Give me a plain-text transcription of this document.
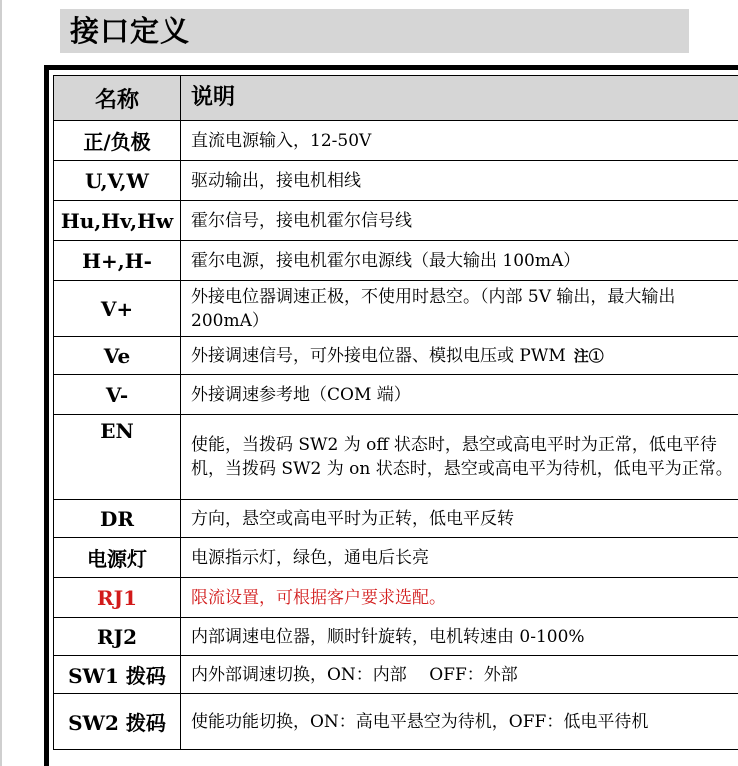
接口定义
名称	说明
正/负极	直流电源输入，12-50V
U,V,W	驱动输出，接电机相线
Hu,Hv,Hw	霍尔信号，接电机霍尔信号线
H+,H-	霍尔电源，接电机霍尔电源线（最大输出 100mA）
V+	外接电位器调速正极，不使用时悬空。（内部 5V 输出，最大输出 200mA）
Ve	外接调速信号，可外接电位器、模拟电压或 PWM 注①
V-	外接调速参考地（COM 端）
EN	使能，当拨码 SW2 为 off 状态时，悬空或高电平时为正常，低电平待机，当拨码 SW2 为 on 状态时，悬空或高电平为待机，低电平为正常。
DR	方向，悬空或高电平时为正转，低电平反转
电源灯	电源指示灯，绿色，通电后长亮
RJ1	限流设置，可根据客户要求选配。
RJ2	内部调速电位器，顺时针旋转，电机转速由 0-100%
SW1 拨码	内外部调速切换，ON：内部　 OFF：外部
SW2 拨码	使能功能切换，ON：高电平悬空为待机，OFF：低电平待机
